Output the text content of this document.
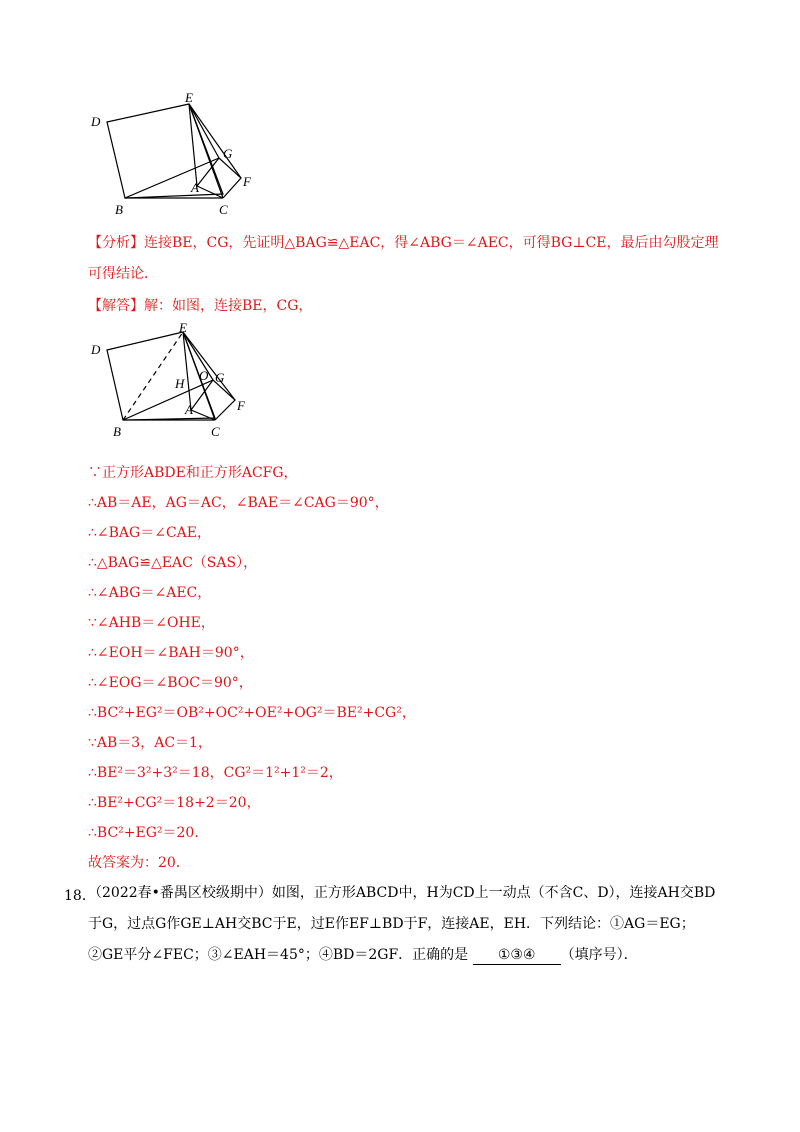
D
E
G
F
A
B	C
【分析】连接BE，CG，先证明△BAG≌△EAC，得∠ABG＝∠AEC，可得BG⊥CE，最后由勾股定理可得结论．
【解答】解：如图，连接BE，CG，
D
E
H
O G
F
A
B	C
∵正方形ABDE和正方形ACFG，
∴AB＝AE，AG＝AC，∠BAE＝∠CAG＝90°，
∴∠BAG＝∠CAE，
∴△BAG≌△EAC（SAS），
∴∠ABG＝∠AEC，
∵∠AHB＝∠OHE，
∴∠EOH＝∠BAH＝90°，
∴∠EOG＝∠BOC＝90°，
∴BC²+EG²＝OB²+OC²+OE²+OG²＝BE²+CG²，
∵AB＝3，AC＝1，
∴BE²＝3²+3²＝18，CG²＝1²+1²＝2，
∴BE²+CG²＝18+2＝20，
∴BC²+EG²＝20．
故答案为：20．
18．
（2022春•番禺区校级期中）如图，正方形ABCD中，H为CD上一动点（不含C、D），连接AH交BD于G，过点G作GE⊥AH交BC于E，过E作EF⊥BD于F，连接AE，EH．下列结论：①AG＝EG；②GE平分∠FEC；③∠EAH＝45°；④BD＝2GF．正确的是 ①③④ （填序号）．
